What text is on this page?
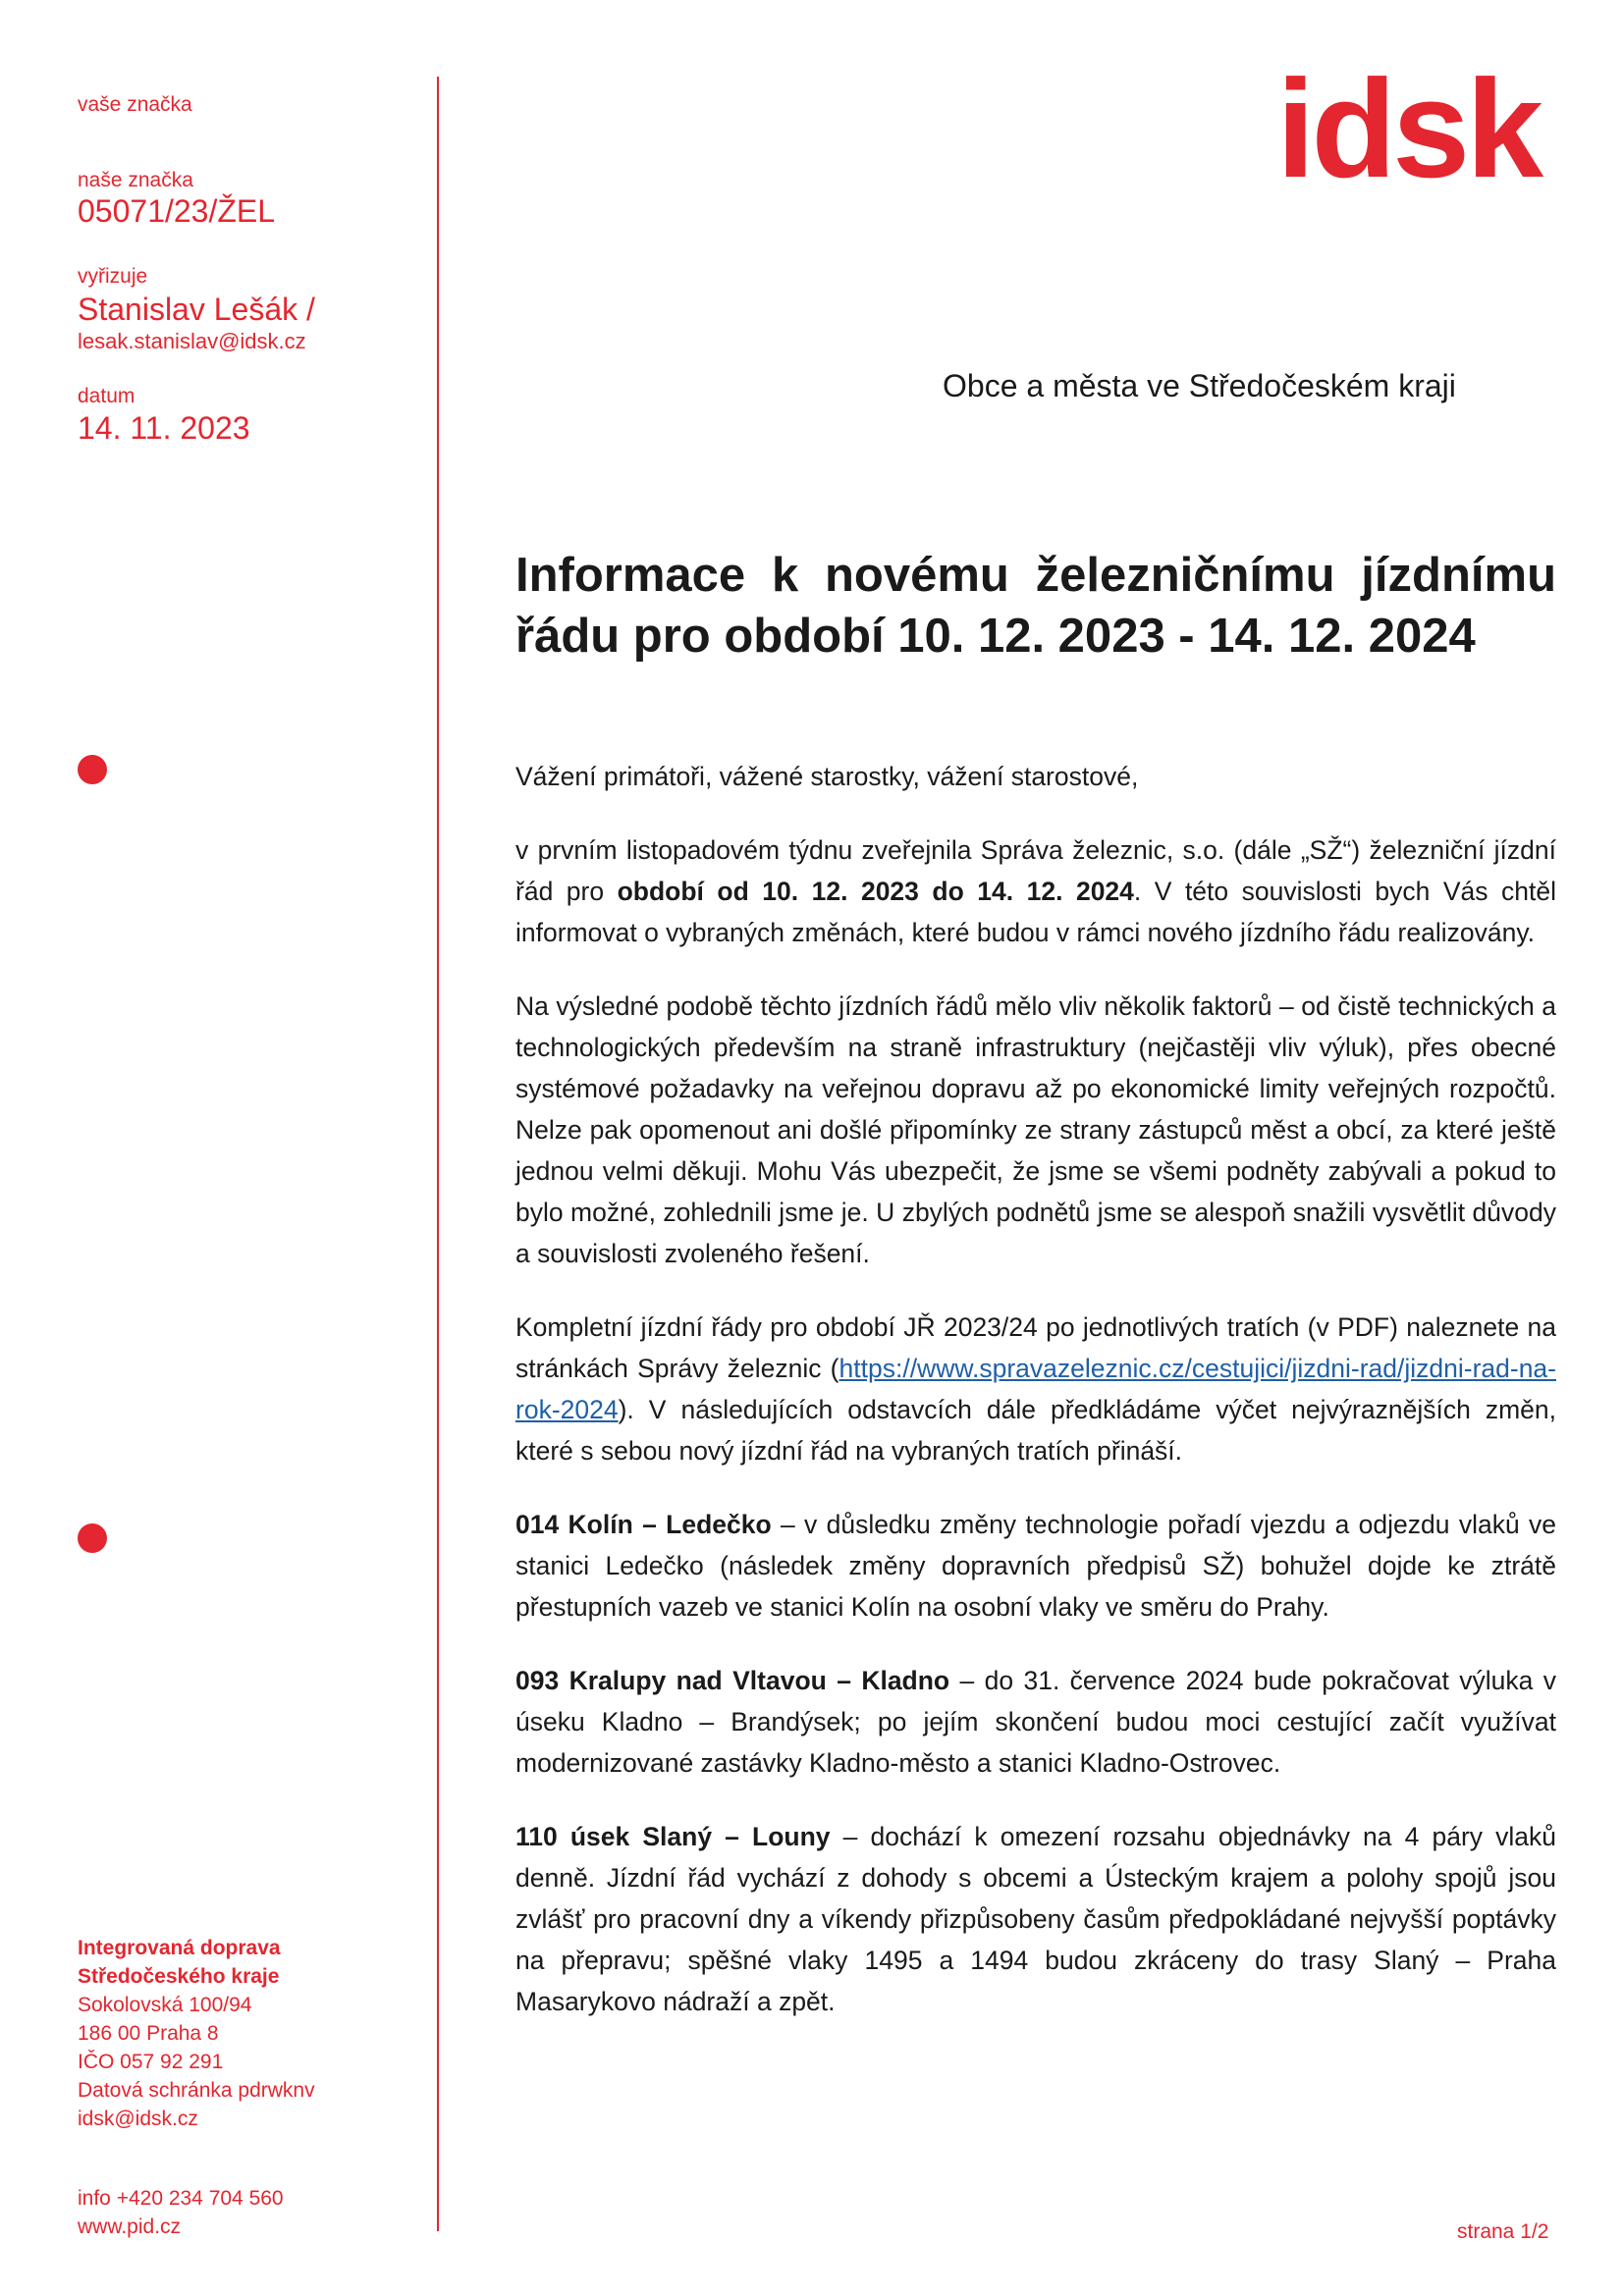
vaše značka
naše značka
05071/23/ŽEL
vyřizuje
Stanislav Lešák /
lesak.stanislav@idsk.cz
datum
14. 11. 2023
idsk
Obce a města ve Středočeském kraji
Informace k novému železničnímu jízdnímu řádu pro období 10. 12. 2023 - 14. 12. 2024

Vážení primátoři, vážené starostky, vážení starostové,

v prvním listopadovém týdnu zveřejnila Správa železnic, s.o. (dále „SŽ“) železniční jízdní řád pro období od 10. 12. 2023 do 14. 12. 2024. V této souvislosti bych Vás chtěl informovat o vybraných změnách, které budou v rámci nového jízdního řádu realizovány.

Na výsledné podobě těchto jízdních řádů mělo vliv několik faktorů – od čistě technických a technologických především na straně infrastruktury (nejčastěji vliv výluk), přes obecné systémové požadavky na veřejnou dopravu až po ekonomické limity veřejných rozpočtů. Nelze pak opomenout ani došlé připomínky ze strany zástupců měst a obcí, za které ještě jednou velmi děkuji. Mohu Vás ubezpečit, že jsme se všemi podněty zabývali a pokud to bylo možné, zohlednili jsme je. U zbylých podnětů jsme se alespoň snažili vysvětlit důvody a souvislosti zvoleného řešení.

Kompletní jízdní řády pro období JŘ 2023/24 po jednotlivých tratích (v PDF) naleznete na stránkách Správy železnic (https://www.spravazeleznic.cz/cestujici/jizdni-rad/jizdni-rad-na-rok-2024). V následujících odstavcích dále předkládáme výčet nejvýraznějších změn, které s sebou nový jízdní řád na vybraných tratích přináší.

014 Kolín – Ledečko – v důsledku změny technologie pořadí vjezdu a odjezdu vlaků ve stanici Ledečko (následek změny dopravních předpisů SŽ) bohužel dojde ke ztrátě přestupních vazeb ve stanici Kolín na osobní vlaky ve směru do Prahy.

093 Kralupy nad Vltavou – Kladno – do 31. července 2024 bude pokračovat výluka v úseku Kladno – Brandýsek; po jejím skončení budou moci cestující začít využívat modernizované zastávky Kladno-město a stanici Kladno-Ostrovec.

110 úsek Slaný – Louny – dochází k omezení rozsahu objednávky na 4 páry vlaků denně. Jízdní řád vychází z dohody s obcemi a Ústeckým krajem a polohy spojů jsou zvlášť pro pracovní dny a víkendy přizpůsobeny časům předpokládané nejvyšší poptávky na přepravu; spěšné vlaky 1495 a 1494 budou zkráceny do trasy Slaný – Praha Masarykovo nádraží a zpět.

Integrovaná doprava
Středočeského kraje
Sokolovská 100/94
186 00 Praha 8
IČO 057 92 291
Datová schránka pdrwknv
idsk@idsk.cz
info +420 234 704 560
www.pid.cz	strana 1/2
